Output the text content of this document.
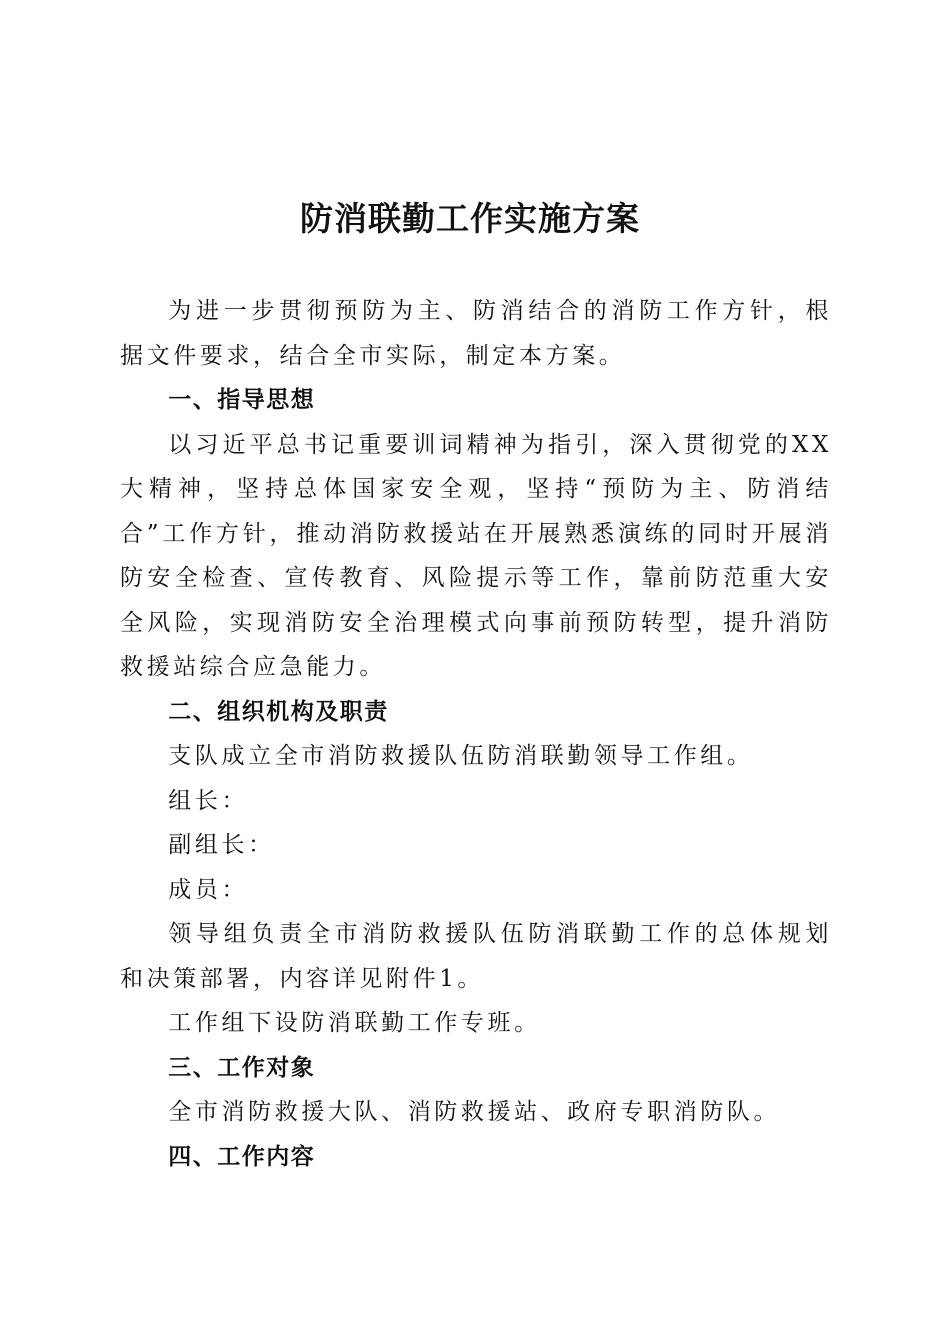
防消联勤工作实施方案

为进一步贯彻预防为主、防消结合的消防工作方针，根据文件要求，结合全市实际，制定本方案。

一、指导思想

以习近平总书记重要训词精神为指引，深入贯彻党的XX大精神，坚持总体国家安全观，坚持“预防为主、防消结合”工作方针，推动消防救援站在开展熟悉演练的同时开展消防安全检查、宣传教育、风险提示等工作，靠前防范重大安全风险，实现消防安全治理模式向事前预防转型，提升消防救援站综合应急能力。

二、组织机构及职责

支队成立全市消防救援队伍防消联勤领导工作组。

组长：

副组长：

成员：

领导组负责全市消防救援队伍防消联勤工作的总体规划和决策部署，内容详见附件1。

工作组下设防消联勤工作专班。

三、工作对象

全市消防救援大队、消防救援站、政府专职消防队。

四、工作内容
